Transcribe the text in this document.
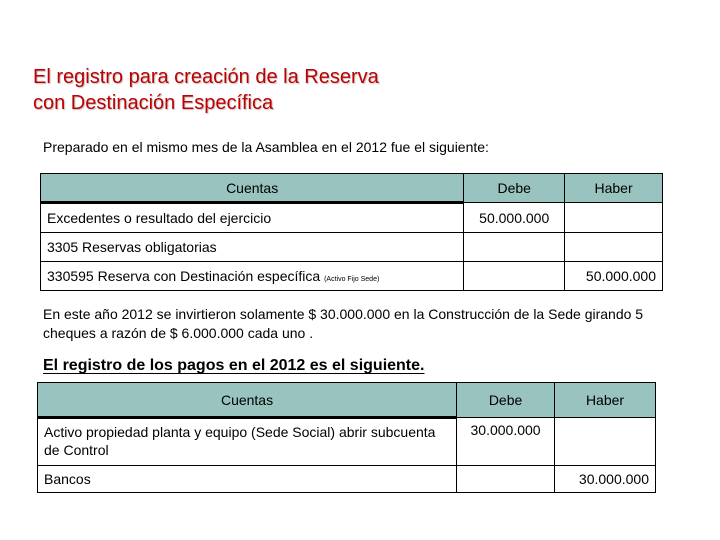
El registro para creación de la Reserva
con Destinación Específica
Preparado en el mismo mes de la Asamblea en el 2012 fue el siguiente:
Cuentas	Debe	Haber
Excedentes o resultado del ejercicio	50.000.000	
3305 Reservas obligatorias		
330595 Reserva con Destinación específica (Activo Fijo Sede)		50.000.000
En este año 2012 se invirtieron solamente $ 30.000.000 en la Construcción de la Sede girando 5 cheques a razón de $ 6.000.000 cada uno .
El registro de los pagos en el 2012 es el siguiente.
Cuentas	Debe	Haber
Activo propiedad planta y equipo (Sede Social) abrir subcuenta de Control	30.000.000	
Bancos		30.000.000
